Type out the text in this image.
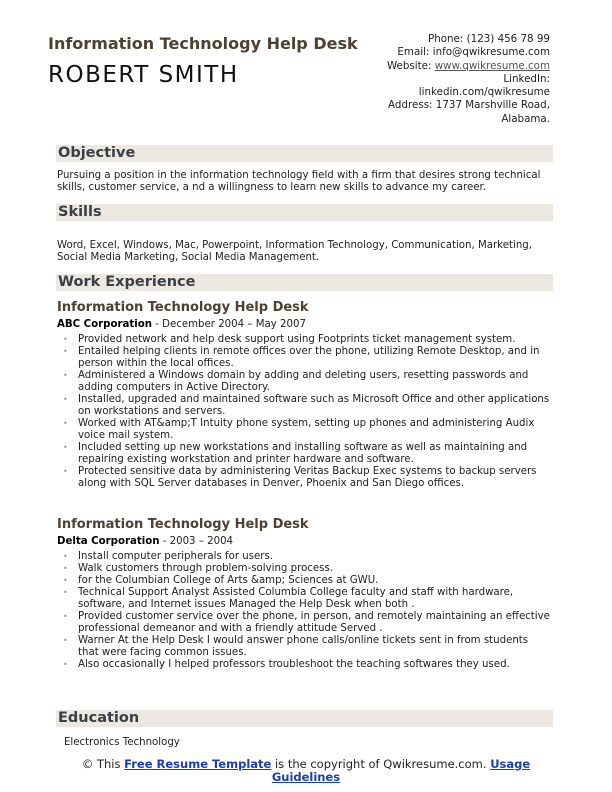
Information Technology Help Desk
ROBERT SMITH
Phone: (123) 456 78 99
Email: info@qwikresume.com
Website: www.qwikresume.com
LinkedIn:
linkedin.com/qwikresume
Address: 1737 Marshville Road, Alabama.
Objective
Pursuing a position in the information technology field with a firm that desires strong technical skills, customer service, a nd a willingness to learn new skills to advance my career.
Skills
Word, Excel, Windows, Mac, Powerpoint, Information Technology, Communication, Marketing, Social Media Marketing, Social Media Management.
Work Experience
Information Technology Help Desk
ABC Corporation - December 2004 – May 2007
• Provided network and help desk support using Footprints ticket management system.
• Entailed helping clients in remote offices over the phone, utilizing Remote Desktop, and in person within the local offices.
• Administered a Windows domain by adding and deleting users, resetting passwords and adding computers in Active Directory.
• Installed, upgraded and maintained software such as Microsoft Office and other applications on workstations and servers.
• Worked with AT&amp;T Intuity phone system, setting up phones and administering Audix voice mail system.
• Included setting up new workstations and installing software as well as maintaining and repairing existing workstation and printer hardware and software.
• Protected sensitive data by administering Veritas Backup Exec systems to backup servers along with SQL Server databases in Denver, Phoenix and San Diego offices.
Information Technology Help Desk
Delta Corporation - 2003 – 2004
• Install computer peripherals for users.
• Walk customers through problem-solving process.
• for the Columbian College of Arts &amp; Sciences at GWU.
• Technical Support Analyst Assisted Columbia College faculty and staff with hardware, software, and Internet issues Managed the Help Desk when both .
• Provided customer service over the phone, in person, and remotely maintaining an effective professional demeanor and with a friendly attitude Served .
• Warner At the Help Desk I would answer phone calls/online tickets sent in from students that were facing common issues.
• Also occasionally I helped professors troubleshoot the teaching softwares they used.
Education
Electronics Technology
© This Free Resume Template is the copyright of Qwikresume.com. Usage Guidelines
